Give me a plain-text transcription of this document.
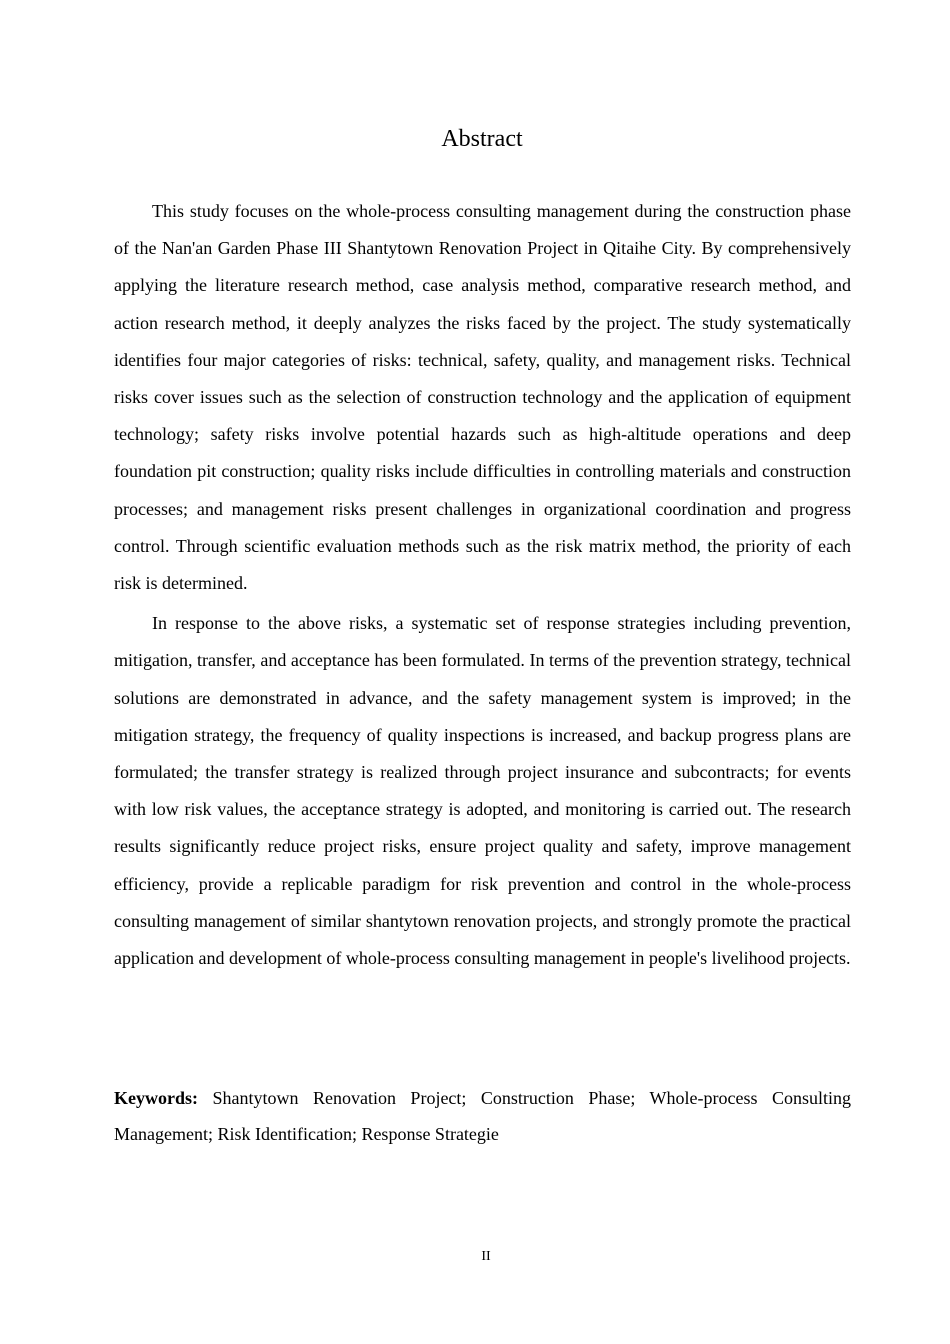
Abstract

This study focuses on the whole-process consulting management during the construction phase of the Nan'an Garden Phase III Shantytown Renovation Project in Qitaihe City. By comprehensively applying the literature research method, case analysis method, comparative research method, and action research method, it deeply analyzes the risks faced by the project. The study systematically identifies four major categories of risks: technical, safety, quality, and management risks. Technical risks cover issues such as the selection of construction technology and the application of equipment technology; safety risks involve potential hazards such as high-altitude operations and deep foundation pit construction; quality risks include difficulties in controlling materials and construction processes; and management risks present challenges in organizational coordination and progress control. Through scientific evaluation methods such as the risk matrix method, the priority of each risk is determined.

In response to the above risks, a systematic set of response strategies including prevention, mitigation, transfer, and acceptance has been formulated. In terms of the prevention strategy, technical solutions are demonstrated in advance, and the safety management system is improved; in the mitigation strategy, the frequency of quality inspections is increased, and backup progress plans are formulated; the transfer strategy is realized through project insurance and subcontracts; for events with low risk values, the acceptance strategy is adopted, and monitoring is carried out. The research results significantly reduce project risks, ensure project quality and safety, improve management efficiency, provide a replicable paradigm for risk prevention and control in the whole-process consulting management of similar shantytown renovation projects, and strongly promote the practical application and development of whole-process consulting management in people's livelihood projects.

Keywords: Shantytown Renovation Project; Construction Phase; Whole-process Consulting Management; Risk Identification; Response Strategie

II
